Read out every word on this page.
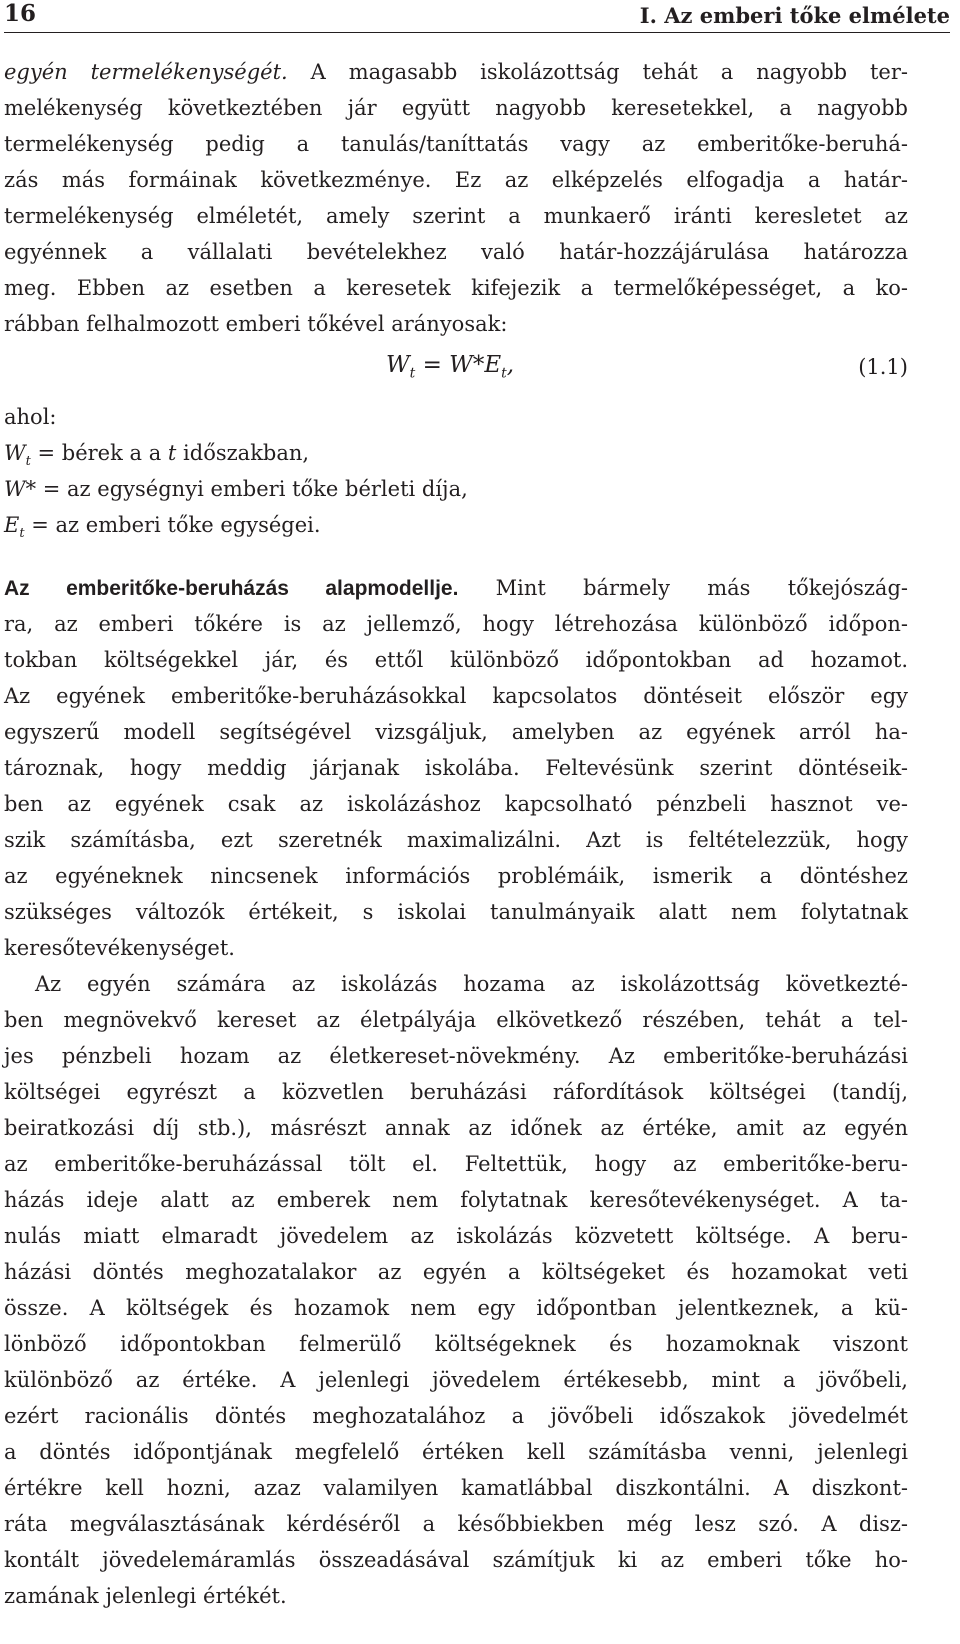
16	I. Az emberi tőke elmélete
egyén termelékenységét. A magasabb iskolázottság tehát a nagyobb ter-
melékenység következtében jár együtt nagyobb keresetekkel, a nagyobb
termelékenység pedig a tanulás/taníttatás vagy az emberitőke-beruhá-
zás más formáinak következménye. Ez az elképzelés elfogadja a határ-
termelékenység elméletét, amely szerint a munkaerő iránti keresletet az
egyénnek a vállalati bevételekhez való határ-hozzájárulása határozza
meg. Ebben az esetben a keresetek kifejezik a termelőképességet, a ko-
rábban felhalmozott emberi tőkével arányosak:
$W_t = W*E_t$,	(1.1)
ahol:
$W_t$ = bérek a a t időszakban,
W* = az egységnyi emberi tőke bérleti díja,
$E_t$ = az emberi tőke egységei.
Az emberitőke-beruházás alapmodellje. Mint bármely más tőkejószág-
ra, az emberi tőkére is az jellemző, hogy létrehozása különböző időpon-
tokban költségekkel jár, és ettől különböző időpontokban ad hozamot.
Az egyének emberitőke-beruházásokkal kapcsolatos döntéseit először egy
egyszerű modell segítségével vizsgáljuk, amelyben az egyének arról ha-
tároznak, hogy meddig járjanak iskolába. Feltevésünk szerint döntéseik-
ben az egyének csak az iskolázáshoz kapcsolható pénzbeli hasznot ve-
szik számításba, ezt szeretnék maximalizálni. Azt is feltételezzük, hogy
az egyéneknek nincsenek információs problémáik, ismerik a döntéshez
szükséges változók értékeit, s iskolai tanulmányaik alatt nem folytatnak
keresőtevékenységet.
Az egyén számára az iskolázás hozama az iskolázottság következté-
ben megnövekvő kereset az életpályája elkövetkező részében, tehát a tel-
jes pénzbeli hozam az életkereset-növekmény. Az emberitőke-beruházási
költségei egyrészt a közvetlen beruházási ráfordítások költségei (tandíj,
beiratkozási díj stb.), másrészt annak az időnek az értéke, amit az egyén
az emberitőke-beruházással tölt el. Feltettük, hogy az emberitőke-beru-
házás ideje alatt az emberek nem folytatnak keresőtevékenységet. A ta-
nulás miatt elmaradt jövedelem az iskolázás közvetett költsége. A beru-
házási döntés meghozatalakor az egyén a költségeket és hozamokat veti
össze. A költségek és hozamok nem egy időpontban jelentkeznek, a kü-
lönböző időpontokban felmerülő költségeknek és hozamoknak viszont
különböző az értéke. A jelenlegi jövedelem értékesebb, mint a jövőbeli,
ezért racionális döntés meghozatalához a jövőbeli időszakok jövedelmét
a döntés időpontjának megfelelő értéken kell számításba venni, jelenlegi
értékre kell hozni, azaz valamilyen kamatlábbal diszkontálni. A diszkont-
ráta megválasztásának kérdéséről a későbbiekben még lesz szó. A disz-
kontált jövedelemáramlás összeadásával számítjuk ki az emberi tőke ho-
zamának jelenlegi értékét.
